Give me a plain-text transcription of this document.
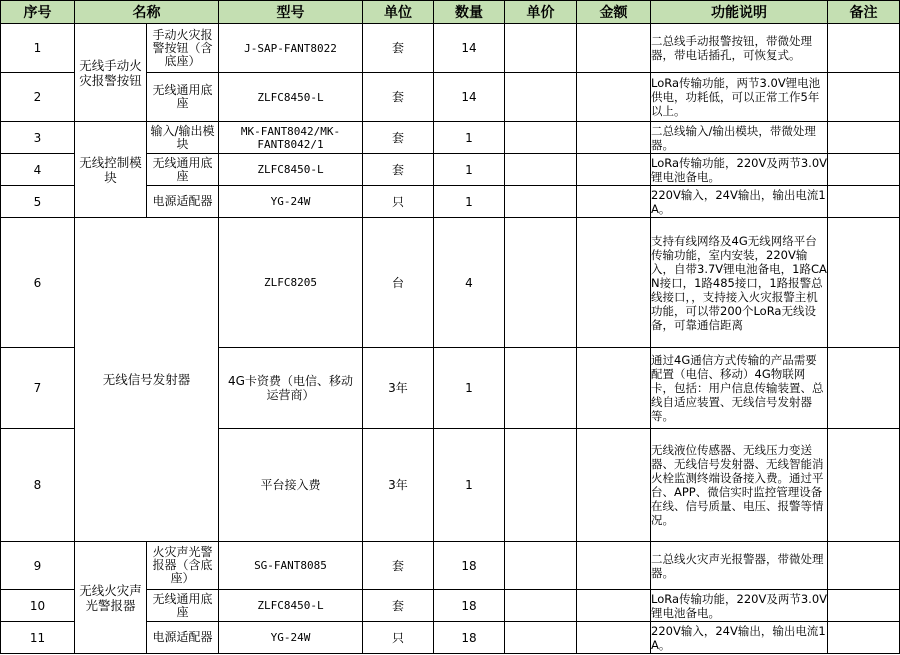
序号	名称		型号	单位	数量	单价	金额	功能说明	备注
1	无线手动火灾报警按钮	手动火灾报警按钮（含底座）	J-SAP-FANT8022	套	14			二总线手动报警按钮，带微处理器，带电话插孔，可恢复式。	
2		无线通用底座	ZLFC8450-L	套	14			LoRa传输功能，两节3.0V锂电池供电，功耗低，可以正常工作5年以上。	
3	无线控制模块	输入/输出模块	MK-FANT8042/MK-FANT8042/1	套	1			二总线输入/输出模块，带微处理器。	
4		无线通用底座	ZLFC8450-L	套	1			LoRa传输功能，220V及两节3.0V锂电池备电。	
5		电源适配器	YG-24W	只	1			220V输入，24V输出，输出电流1A。	
6	无线信号发射器		ZLFC8205	台	4			支持有线网络及4G无线网络平台传输功能，室内安装，220V输入，自带3.7V锂电池备电，1路CAN接口，1路485接口，1路报警总线接口，，支持接入火灾报警主机功能，可以带200个LoRa无线设备，可靠通信距离	
7			4G卡资费（电信、移动运营商）	3年	1			通过4G通信方式传输的产品需要配置（电信、移动）4G物联网卡，包括：用户信息传输装置、总线自适应装置、无线信号发射器等。	
8			平台接入费	3年	1			无线液位传感器、无线压力变送器、无线信号发射器、无线智能消火栓监测终端设备接入费。通过平台、APP、微信实时监控管理设备在线、信号质量、电压、报警等情况。	
9	无线火灾声光警报器	火灾声光警报器（含底座）	SG-FANT8085	套	18			二总线火灾声光报警器，带微处理器。	
10		无线通用底座	ZLFC8450-L	套	18			LoRa传输功能，220V及两节3.0V锂电池备电。	
11		电源适配器	YG-24W	只	18			220V输入，24V输出，输出电流1A。	
